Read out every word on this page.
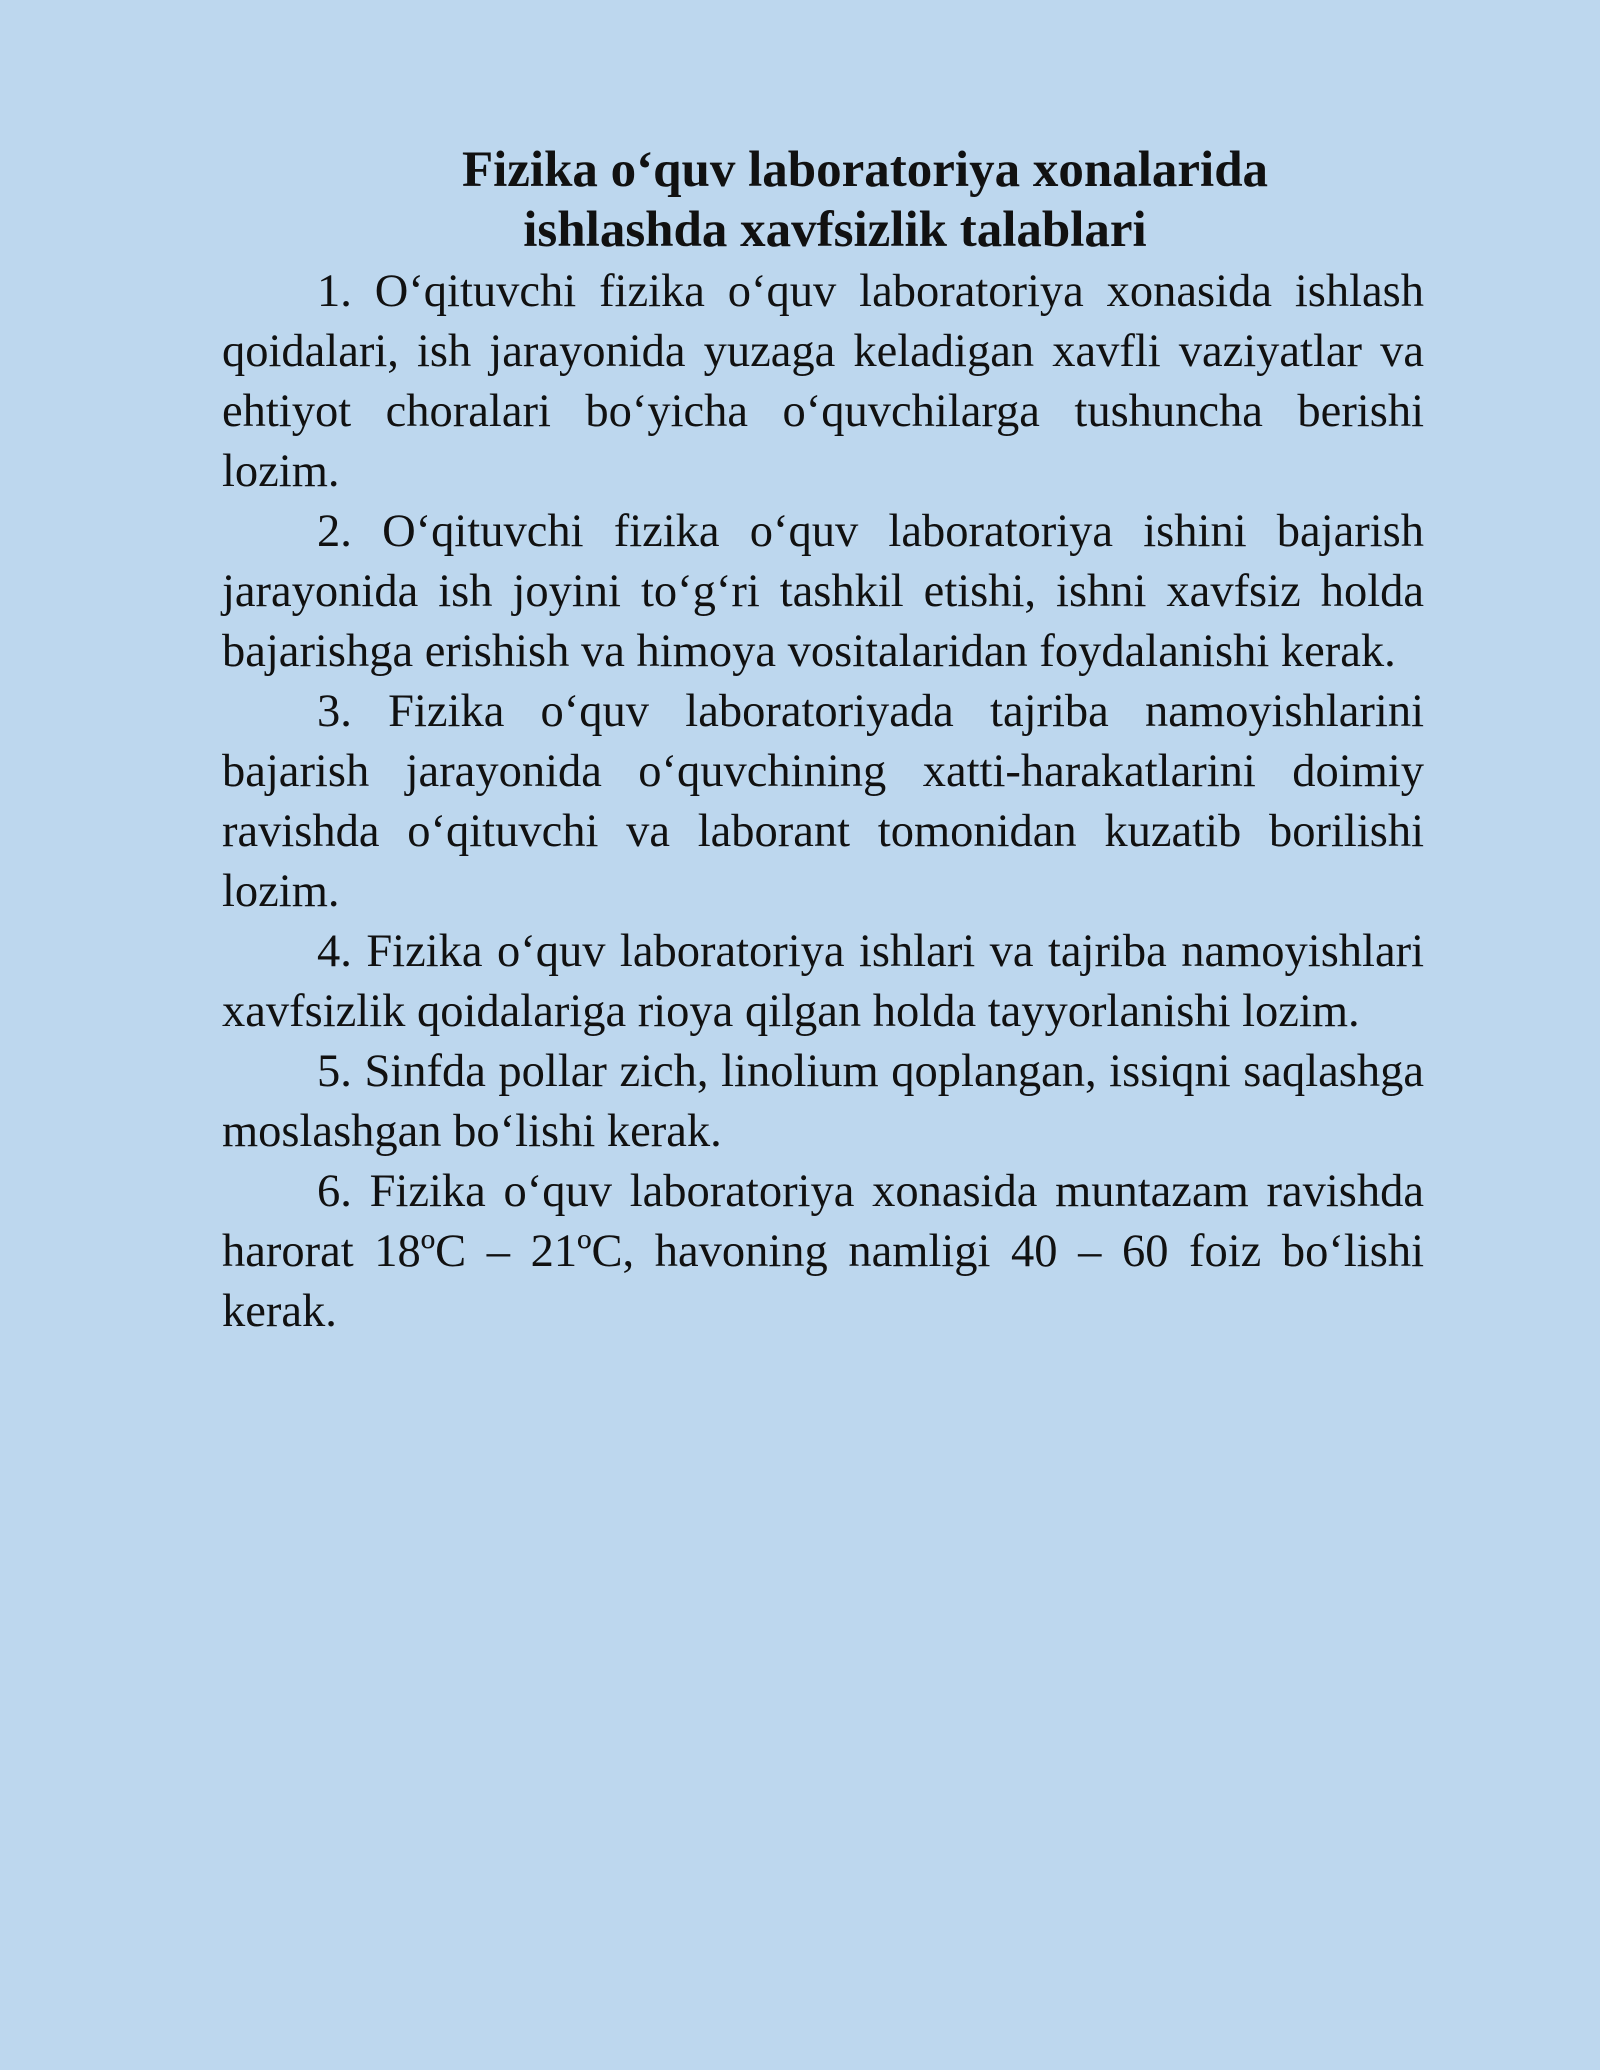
Fizika o‘quv laboratoriya xonalarida
ishlashda xavfsizlik talablari

1. O‘qituvchi fizika o‘quv laboratoriya xonasida ishlash qoidalari, ish jarayonida yuzaga keladigan xavfli vaziyatlar va ehtiyot choralari bo‘yicha o‘quvchilarga tushuncha berishi lozim.

2. O‘qituvchi fizika o‘quv laboratoriya ishini bajarish jarayonida ish joyini to‘g‘ri tashkil etishi, ishni xavfsiz holda bajarishga erishish va himoya vositalaridan foydalanishi kerak.

3. Fizika o‘quv laboratoriyada tajriba namoyishlarini bajarish jarayonida o‘quvchining xatti-harakatlarini doimiy ravishda o‘qituvchi va laborant tomonidan kuzatib borilishi lozim.

4. Fizika o‘quv laboratoriya ishlari va tajriba namoyishlari xavfsizlik qoidalariga rioya qilgan holda tayyorlanishi lozim.

5. Sinfda pollar zich, linolium qoplangan, issiqni saqlashga moslashgan bo‘lishi kerak.

6. Fizika o‘quv laboratoriya xonasida muntazam ravishda harorat 18ºC – 21ºC, havoning namligi 40 – 60 foiz bo‘lishi kerak.
